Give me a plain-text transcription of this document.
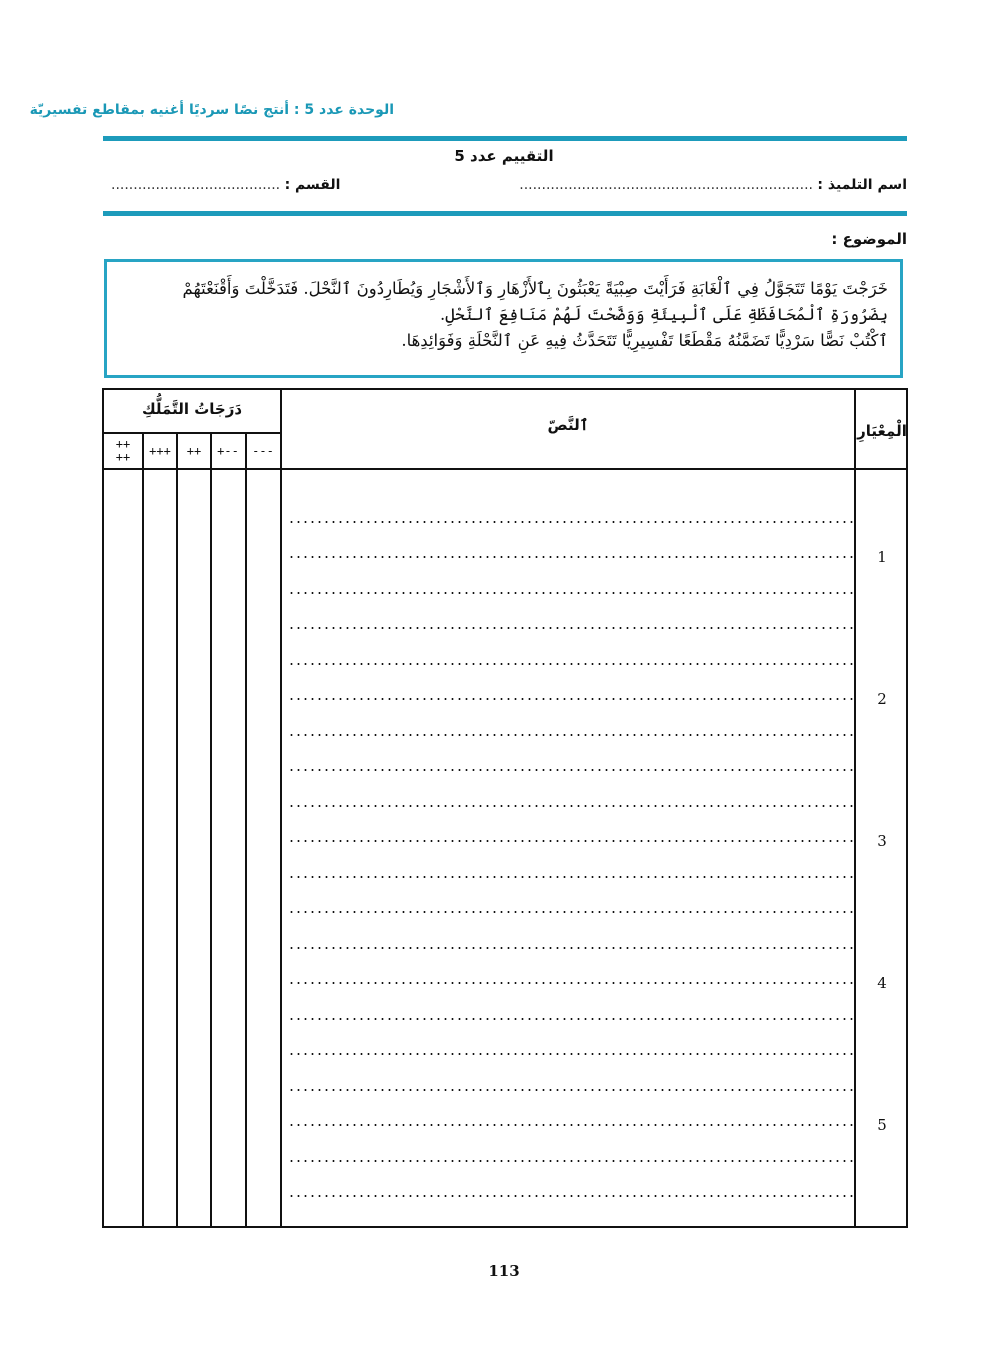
الوحدة عدد 5 : أنتج نصًا سرديًا أغنيه بمقاطع تفسيريّة
التقييم عدد 5
اسم التلميذ : ..................................................................
القسم : ......................................
الموضوع :

خَرَجْتَ يَوْمًا تَتَجَوَّلُ فِي ٱلْغَابَةِ فَرَأَيْتَ صِبْيَةً يَعْبَثُونَ بِٱلأَزْهَارِ وَٱلأَشْجَارِ وَيُطَارِدُونَ ٱلنَّحْلَ. فَتَدَخَّلْتَ وَأَقْنَعْتَهُمْ

بِضَرُورَةِ ٱلْمُحَافَظَةِ عَلَى ٱلْبِيئَةِ وَوَضَّحْتَ لَهُمْ مَنَافِعَ ٱلنَّحْلِ.

ٱكْتُبْ نَصًّا سَرْدِيًّا تَضَمَّنُهُ مَقْطَعًا تَفْسِيرِيًّا تَتَحَدَّثُ فِيهِ عَنِ ٱلنَّحْلَةِ وَفَوَائِدِهَا.

الْمِعْيَارِ
ٱلنَّصّ
دَرَجَاتُ التَّمَلُّكِ
---
+--
++
+++
++ ++
1
2
3
4
5
113
